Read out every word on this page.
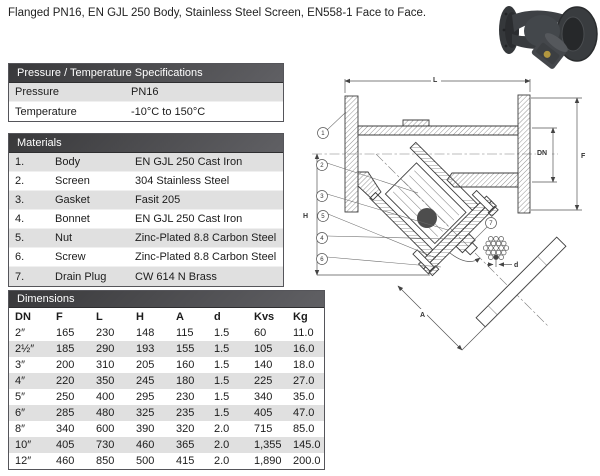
Flanged PN16, EN GJL 250 Body, Stainless Steel Screen, EN558-1 Face to Face.
Pressure / Temperature Specifications
Pressure	PN16
Temperature	-10°C to 150°C
Materials
1.	Body	EN GJL 250 Cast Iron
2.	Screen	304 Stainless Steel
3.	Gasket	Fasit 205
4.	Bonnet	EN GJL 250 Cast Iron
5.	Nut	Zinc-Plated 8.8 Carbon Steel
6.	Screw	Zinc-Plated 8.8 Carbon Steel
7.	Drain Plug	CW 614 N Brass
Dimensions
DN	F	L	H	A	d	Kvs	Kg
2″	165	230	148	115	1.5	60	11.0
2½″	185	290	193	155	1.5	105	16.0
3″	200	310	205	160	1.5	140	18.0
4″	220	350	245	180	1.5	225	27.0
5″	250	400	295	230	1.5	340	35.0
6″	285	480	325	235	1.5	405	47.0
8″	340	600	390	320	2.0	715	85.0
10″	405	730	460	365	2.0	1,355	145.0
12″	460	850	500	415	2.0	1,890	200.0
d
L
DN	F
H
A
1
2
3
5
4
6
7
